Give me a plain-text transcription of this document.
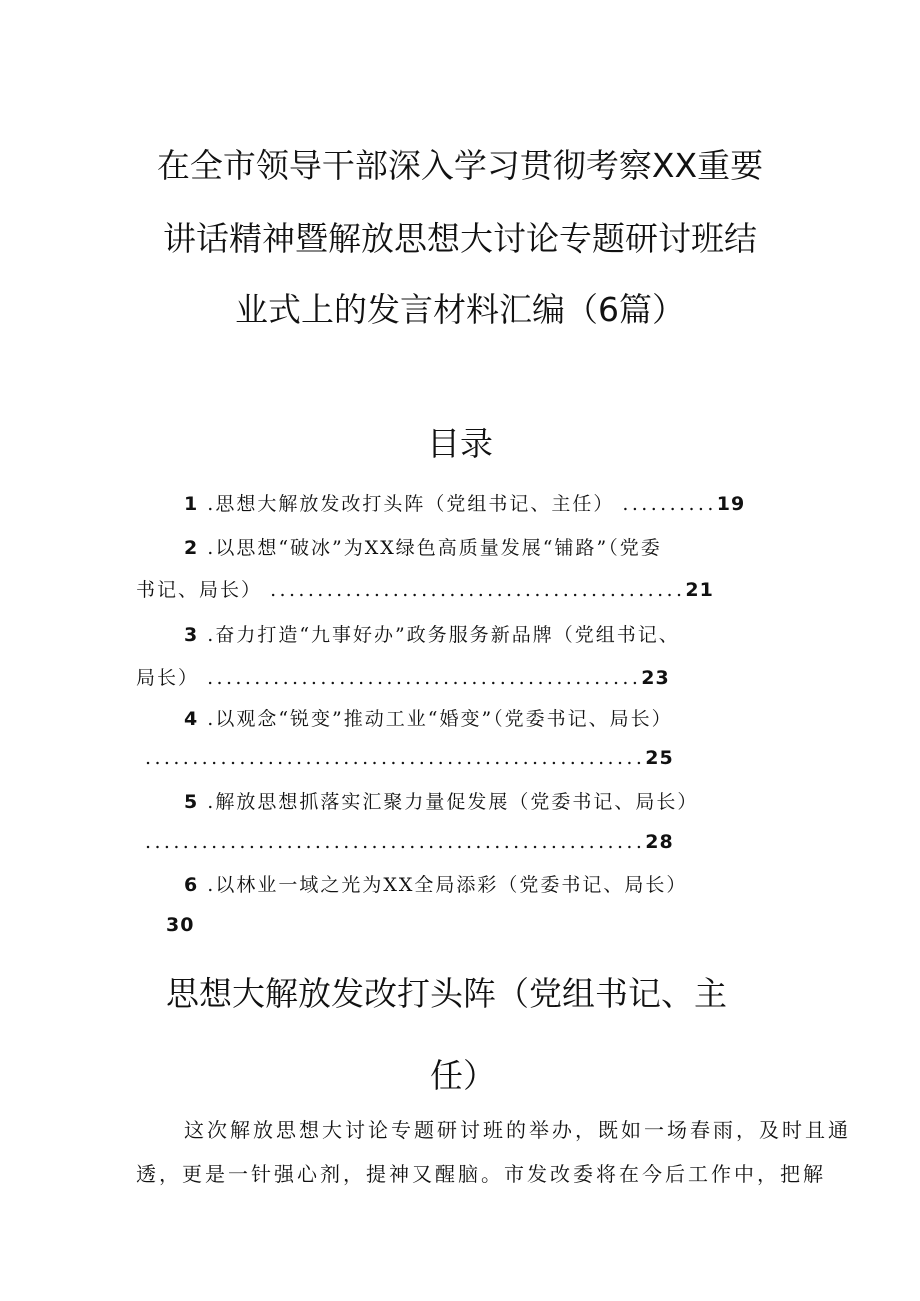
在全市领导干部深入学习贯彻考察XX重要
讲话精神暨解放思想大讨论专题研讨班结
业式上的发言材料汇编（6篇）
目录
1 .思想大解放发改打头阵（党组书记、主任） ..........19
2 .以思想“破冰”为XX绿色高质量发展“铺路”（党委
书记、局长） ............................................21
3 .奋力打造“九事好办”政务服务新品牌（党组书记、
局长） ..............................................23
4 .以观念“锐变”推动工业“婚变”（党委书记、局长）
.....................................................25
5 .解放思想抓落实汇聚力量促发展（党委书记、局长）
.....................................................28
6 .以林业一域之光为XX全局添彩（党委书记、局长）
30
思想大解放发改打头阵（党组书记、主
任）
这次解放思想大讨论专题研讨班的举办，既如一场春雨，及时且通
透，更是一针强心剂，提神又醒脑。市发改委将在今后工作中，把解
